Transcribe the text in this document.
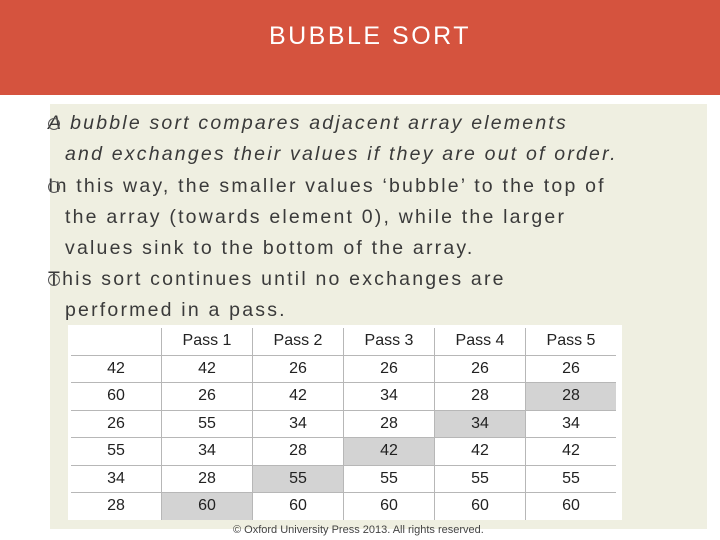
BUBBLE SORT
A bubble sort compares adjacent array elements
and exchanges their values if they are out of order.
In this way, the smaller values ‘bubble’ to the top of
the array (towards element 0), while the larger
values sink to the bottom of the array.
This sort continues until no exchanges are
performed in a pass.
	Pass 1	Pass 2	Pass 3	Pass 4	Pass 5
42	42	26	26	26	26
60	26	42	34	28	28
26	55	34	28	34	34
55	34	28	42	42	42
34	28	55	55	55	55
28	60	60	60	60	60
© Oxford University Press 2013. All rights reserved.
